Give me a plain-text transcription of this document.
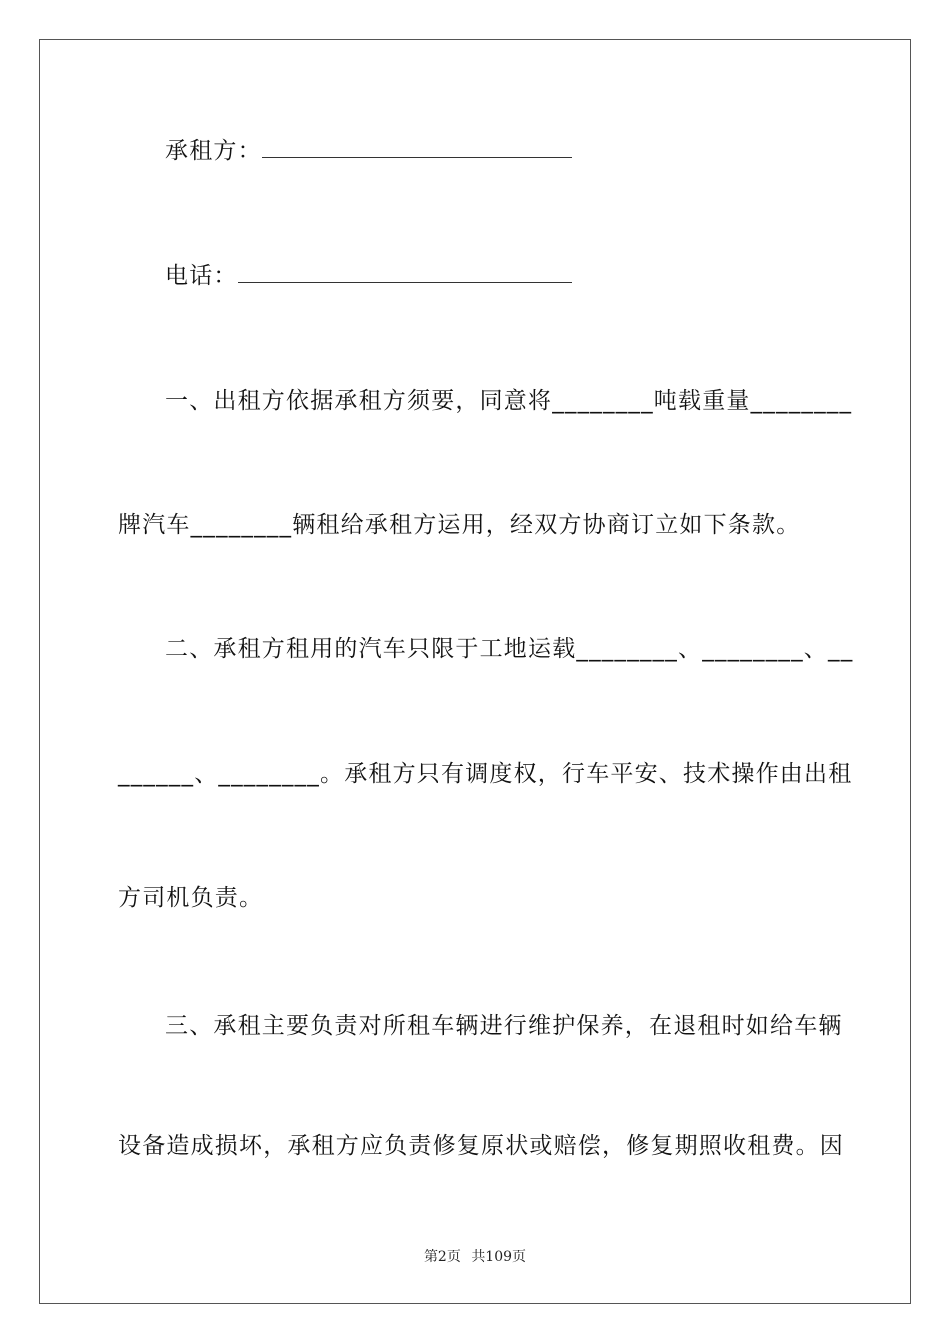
承租方：
电话：
一、出租方依据承租方须要，同意将________吨载重量________
牌汽车________辆租给承租方运用，经双方协商订立如下条款。
二、承租方租用的汽车只限于工地运载________、________、__
______、________。承租方只有调度权，行车平安、技术操作由出租
方司机负责。
三、承租主要负责对所租车辆进行维护保养，在退租时如给车辆
设备造成损坏，承租方应负责修复原状或赔偿，修复期照收租费。因
第2页 共109页
